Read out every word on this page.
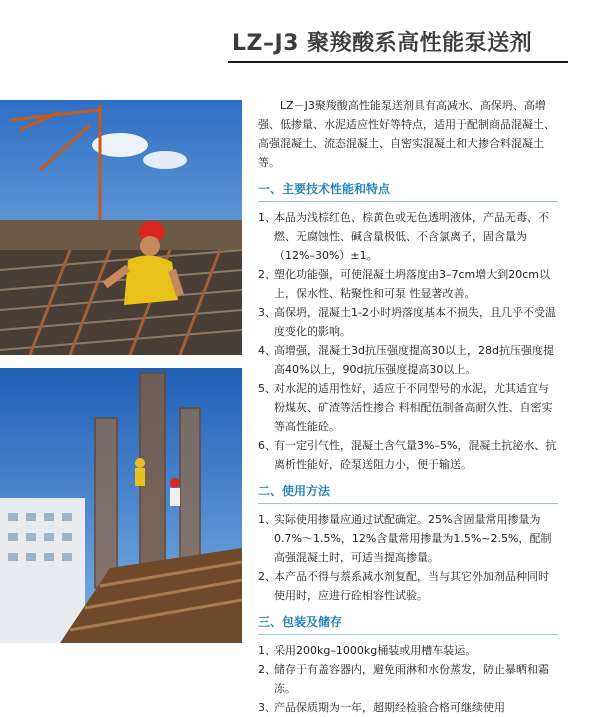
LZ–J3 聚羧酸系高性能泵送剂

LZ－J3聚羧酸高性能泵送剂具有高减水、高保坍、高增强、低掺量、水泥适应性好等特点，适用于配制商品混凝土、高强混凝土、流态混凝土、自密实混凝土和大掺合料混凝土等。

一、主要技术性能和特点
1、
本品为浅棕红色、棕黄色或无色透明液体，产品无毒、不燃、无腐蚀性、碱含量极低、不含氯离子，固含量为（12%–30%）±1。
2、
塑化功能强，可使混凝土坍落度由3–7cm增大到20cm以上，保水性、粘聚性和可泵 性显著改善。
3、
高保坍，混凝土1-2小时坍落度基本不损失，且几乎不受温度变化的影响。
4、
高增强，混凝土3d抗压强度提高30以上，28d抗压强度提高40%以上，90d抗压强度提高30以上。
5、
对水泥的适用性好，适应于不同型号的水泥，尤其适宜与粉煤灰、矿渣等活性掺合 料相配伍制备高耐久性、自密实等高性能砼。
6、
有一定引气性，混凝土含气量3%–5%，混凝土抗泌水、抗离析性能好，砼泵送阻力小，便于输送。
二、使用方法
1、
实际使用掺量应通过试配确定。25%含固量常用掺量为0.7%～1.5%，12%含量常用掺量为1.5%~2.5%，配制高强混凝土时，可适当提高掺量。
2、
本产品不得与萘系减水剂复配，当与其它外加剂品种同时使用时，应进行砼相容性试验。
三、包装及储存
1、
采用200kg–1000kg桶装或用槽车装运。
2、
储存于有盖容器内，避免雨淋和水份蒸发，防止暴晒和霜冻。
3、
产品保质期为一年，超期经检验合格可继续使用
